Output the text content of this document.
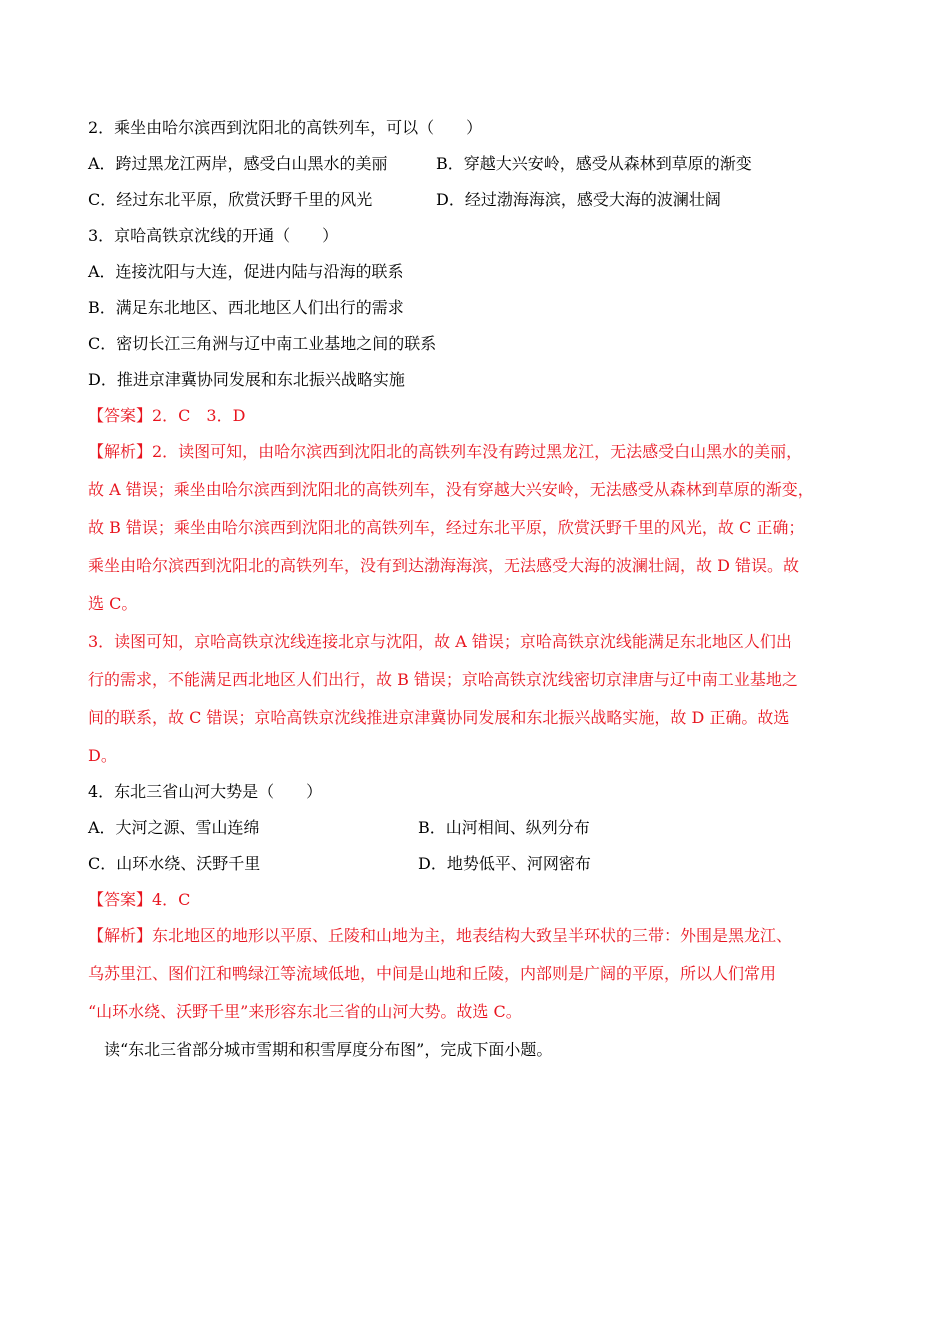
2．乘坐由哈尔滨西到沈阳北的高铁列车，可以（　　）
A．跨过黑龙江两岸，感受白山黑水的美丽	B．穿越大兴安岭，感受从森林到草原的渐变
C．经过东北平原，欣赏沃野千里的风光	D．经过渤海海滨，感受大海的波澜壮阔
3．京哈高铁京沈线的开通（　　）
A．连接沈阳与大连，促进内陆与沿海的联系
B．满足东北地区、西北地区人们出行的需求
C．密切长江三角洲与辽中南工业基地之间的联系
D．推进京津冀协同发展和东北振兴战略实施
【答案】2．C　3．D
【解析】2．读图可知，由哈尔滨西到沈阳北的高铁列车没有跨过黑龙江，无法感受白山黑水的美丽，
故 A 错误；乘坐由哈尔滨西到沈阳北的高铁列车，没有穿越大兴安岭，无法感受从森林到草原的渐变，
故 B 错误；乘坐由哈尔滨西到沈阳北的高铁列车，经过东北平原，欣赏沃野千里的风光，故 C 正确；
乘坐由哈尔滨西到沈阳北的高铁列车，没有到达渤海海滨，无法感受大海的波澜壮阔，故 D 错误。故
选 C。
3．读图可知，京哈高铁京沈线连接北京与沈阳，故 A 错误；京哈高铁京沈线能满足东北地区人们出
行的需求，不能满足西北地区人们出行，故 B 错误；京哈高铁京沈线密切京津唐与辽中南工业基地之
间的联系，故 C 错误；京哈高铁京沈线推进京津冀协同发展和东北振兴战略实施，故 D 正确。故选
D。
4．东北三省山河大势是（　　）
A．大河之源、雪山连绵	B．山河相间、纵列分布
C．山环水绕、沃野千里	D．地势低平、河网密布
【答案】4．C
【解析】东北地区的地形以平原、丘陵和山地为主，地表结构大致呈半环状的三带：外围是黑龙江、
乌苏里江、图们江和鸭绿江等流域低地，中间是山地和丘陵，内部则是广阔的平原，所以人们常用
“山环水绕、沃野千里”来形容东北三省的山河大势。故选 C。
读“东北三省部分城市雪期和积雪厚度分布图”，完成下面小题。
